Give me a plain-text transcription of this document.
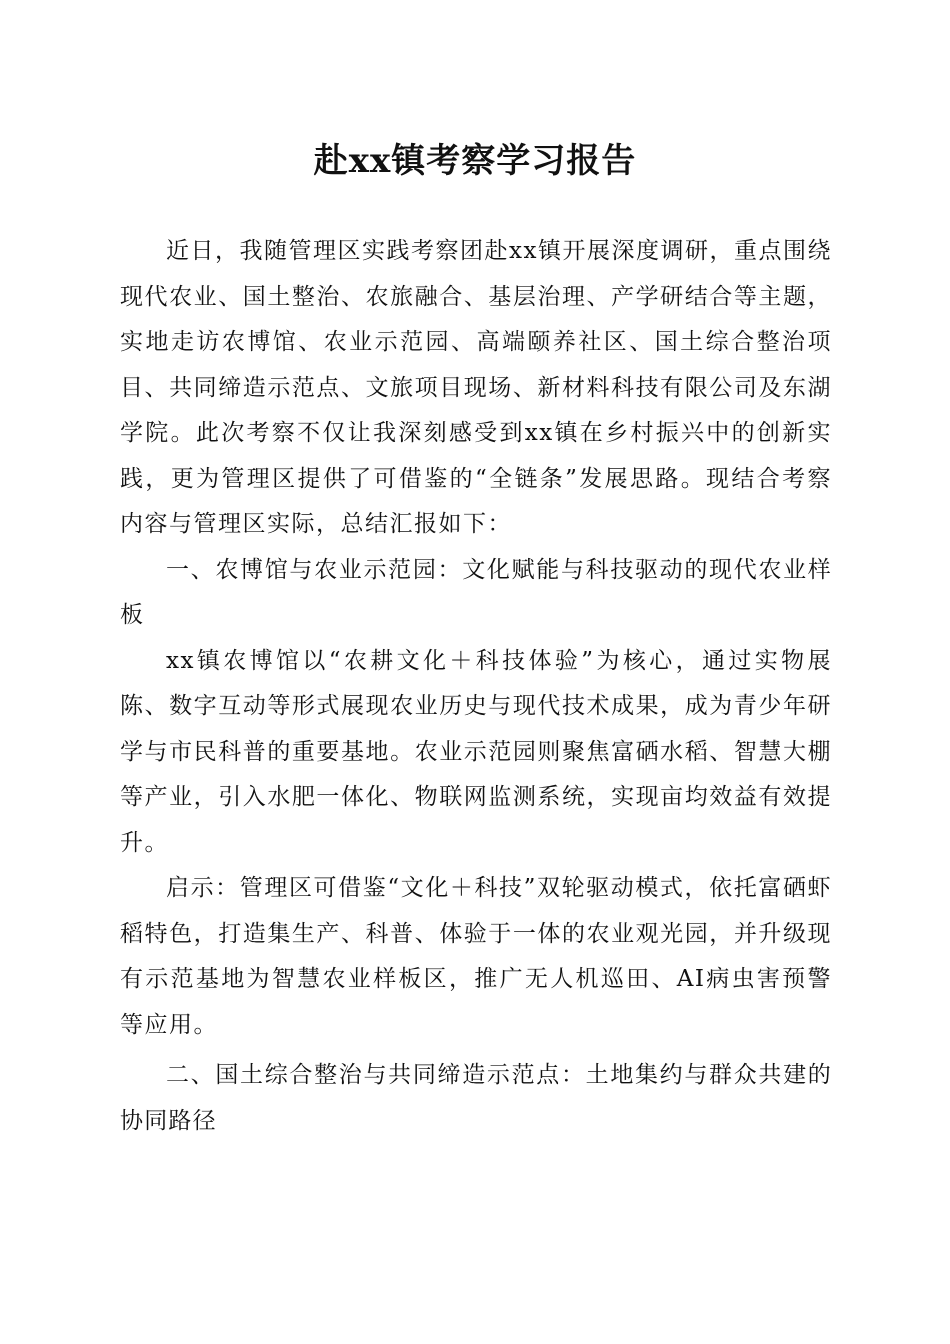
赴xx镇考察学习报告

近日，我随管理区实践考察团赴xx镇开展深度调研，重点围绕现代农业、国土整治、农旅融合、基层治理、产学研结合等主题，实地走访农博馆、农业示范园、高端颐养社区、国土综合整治项目、共同缔造示范点、文旅项目现场、新材料科技有限公司及东湖学院。此次考察不仅让我深刻感受到xx镇在乡村振兴中的创新实践，更为管理区提供了可借鉴的“全链条”发展思路。现结合考察内容与管理区实际，总结汇报如下：

一、农博馆与农业示范园：文化赋能与科技驱动的现代农业样板

xx镇农博馆以“农耕文化＋科技体验”为核心，通过实物展陈、数字互动等形式展现农业历史与现代技术成果，成为青少年研学与市民科普的重要基地。农业示范园则聚焦富硒水稻、智慧大棚等产业，引入水肥一体化、物联网监测系统，实现亩均效益有效提升。

启示：管理区可借鉴“文化＋科技”双轮驱动模式，依托富硒虾稻特色，打造集生产、科普、体验于一体的农业观光园，并升级现有示范基地为智慧农业样板区，推广无人机巡田、AI病虫害预警等应用。

二、国土综合整治与共同缔造示范点：土地集约与群众共建的协同路径
